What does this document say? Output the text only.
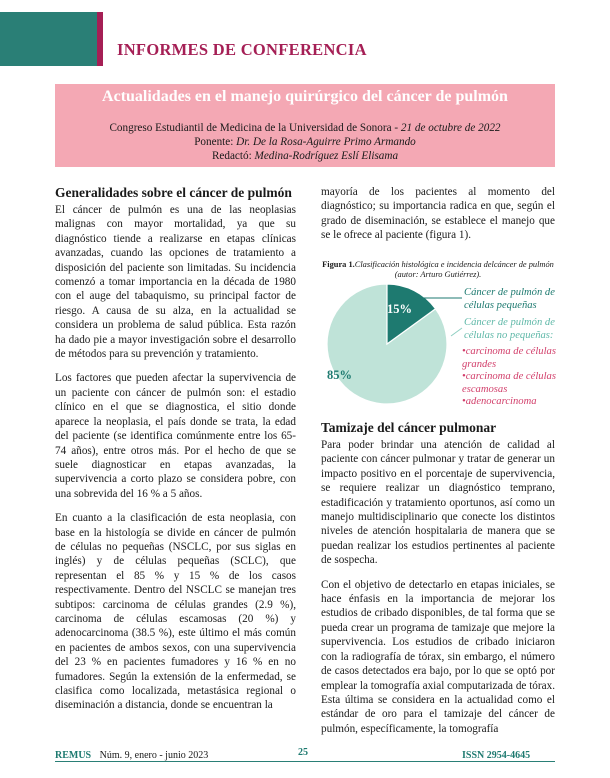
INFORMES DE CONFERENCIA
Actualidades en el manejo quirúrgico del cáncer de pulmón
Congreso Estudiantil de Medicina de la Universidad de Sonora - 21 de octubre de 2022
Ponente: Dr. De la Rosa-Aguirre Primo Armando
Redactó: Medina-Rodríguez Eslí Elisama
Generalidades sobre el cáncer de pulmón

El cáncer de pulmón es una de las neoplasias malignas con mayor mortalidad, ya que su diagnóstico tiende a realizarse en etapas clínicas avanzadas, cuando las opciones de tratamiento a disposición del paciente son limitadas. Su incidencia comenzó a tomar importancia en la década de 1980 con el auge del tabaquismo, su principal factor de riesgo. A causa de su alza, en la actualidad se considera un problema de salud pública. Esta razón ha dado pie a mayor investigación sobre el desarrollo de métodos para su prevención y tratamiento.

Los factores que pueden afectar la supervivencia de un paciente con cáncer de pulmón son: el estadio clínico en el que se diagnostica, el sitio donde aparece la neoplasia, el país donde se trata, la edad del paciente (se identifica comúnmente entre los 65-74 años), entre otros más. Por el hecho de que se suele diagnosticar en etapas avanzadas, la supervivencia a corto plazo se considera pobre, con una sobrevida del 16 % a 5 años.

En cuanto a la clasificación de esta neoplasia, con base en la histología se divide en cáncer de pulmón de células no pequeñas (NSCLC, por sus siglas en inglés) y de células pequeñas (SCLC), que representan el 85 % y 15 % de los casos respectivamente. Dentro del NSCLC se manejan tres subtipos: carcinoma de células grandes (2.9 %), carcinoma de células escamosas (20 %) y adenocarcinoma (38.5 %), este último el más común en pacientes de ambos sexos, con una supervivencia del 23 % en pacientes fumadores y 16 % en no fumadores. Según la extensión de la enfermedad, se clasifica como localizada, metastásica regional o diseminación a distancia, donde se encuentran la

mayoría de los pacientes al momento del diagnóstico; su importancia radica en que, según el grado de diseminación, se establece el manejo que se le ofrece al paciente (figura 1).

Figura 1.Clasificación histológica e incidencia delcáncer de pulmón (autor: Arturo Gutiérrez).
15%
85%
Cáncer de pulmón de células pequeñas
Cáncer de pulmón de células no pequeñas:
•carcinoma de células grandes
•carcinoma de células escamosas
•adenocarcinoma
Tamizaje del cáncer pulmonar

Para poder brindar una atención de calidad al paciente con cáncer pulmonar y tratar de generar un impacto positivo en el porcentaje de supervivencia, se requiere realizar un diagnóstico temprano, estadificación y tratamiento oportunos, así como un manejo multidisciplinario que conecte los distintos niveles de atención hospitalaria de manera que se puedan realizar los estudios pertinentes al paciente de sospecha.

Con el objetivo de detectarlo en etapas iniciales, se hace énfasis en la importancia de mejorar los estudios de cribado disponibles, de tal forma que se pueda crear un programa de tamizaje que mejore la supervivencia. Los estudios de cribado iniciaron con la radiografía de tórax, sin embargo, el número de casos detectados era bajo, por lo que se optó por emplear la tomografía axial computarizada de tórax. Esta última se considera en la actualidad como el estándar de oro para el tamizaje del cáncer de pulmón, específicamente, la tomografía

REMUS Núm. 9, enero - junio 2023	25	ISSN 2954-4645
